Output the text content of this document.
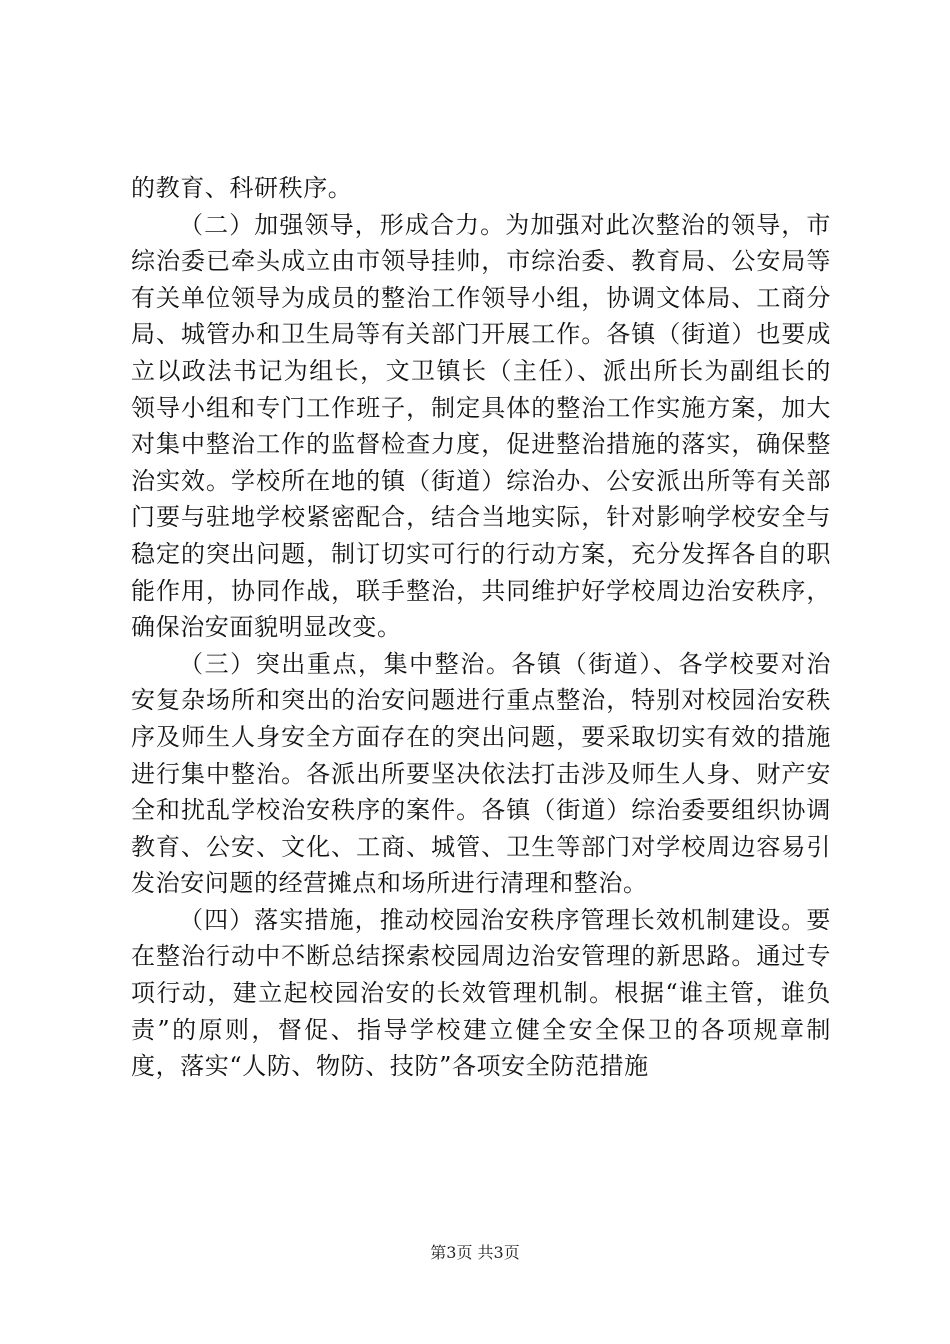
的教育、科研秩序。

（二）加强领导，形成合力。为加强对此次整治的领导，市综治委已牵头成立由市领导挂帅，市综治委、教育局、公安局等有关单位领导为成员的整治工作领导小组，协调文体局、工商分局、城管办和卫生局等有关部门开展工作。各镇（街道）也要成立以政法书记为组长，文卫镇长（主任）、派出所长为副组长的领导小组和专门工作班子，制定具体的整治工作实施方案，加大对集中整治工作的监督检查力度，促进整治措施的落实，确保整治实效。学校所在地的镇（街道）综治办、公安派出所等有关部门要与驻地学校紧密配合，结合当地实际，针对影响学校安全与稳定的突出问题，制订切实可行的行动方案，充分发挥各自的职能作用，协同作战，联手整治，共同维护好学校周边治安秩序，确保治安面貌明显改变。

（三）突出重点，集中整治。各镇（街道）、各学校要对治安复杂场所和突出的治安问题进行重点整治，特别对校园治安秩序及师生人身安全方面存在的突出问题，要采取切实有效的措施进行集中整治。各派出所要坚决依法打击涉及师生人身、财产安全和扰乱学校治安秩序的案件。各镇（街道）综治委要组织协调教育、公安、文化、工商、城管、卫生等部门对学校周边容易引发治安问题的经营摊点和场所进行清理和整治。

（四）落实措施，推动校园治安秩序管理长效机制建设。要在整治行动中不断总结探索校园周边治安管理的新思路。通过专项行动，建立起校园治安的长效管理机制。根据“谁主管，谁负责”的原则，督促、指导学校建立健全安全保卫的各项规章制度，落实“人防、物防、技防”各项安全防范措施

第3页 共3页
